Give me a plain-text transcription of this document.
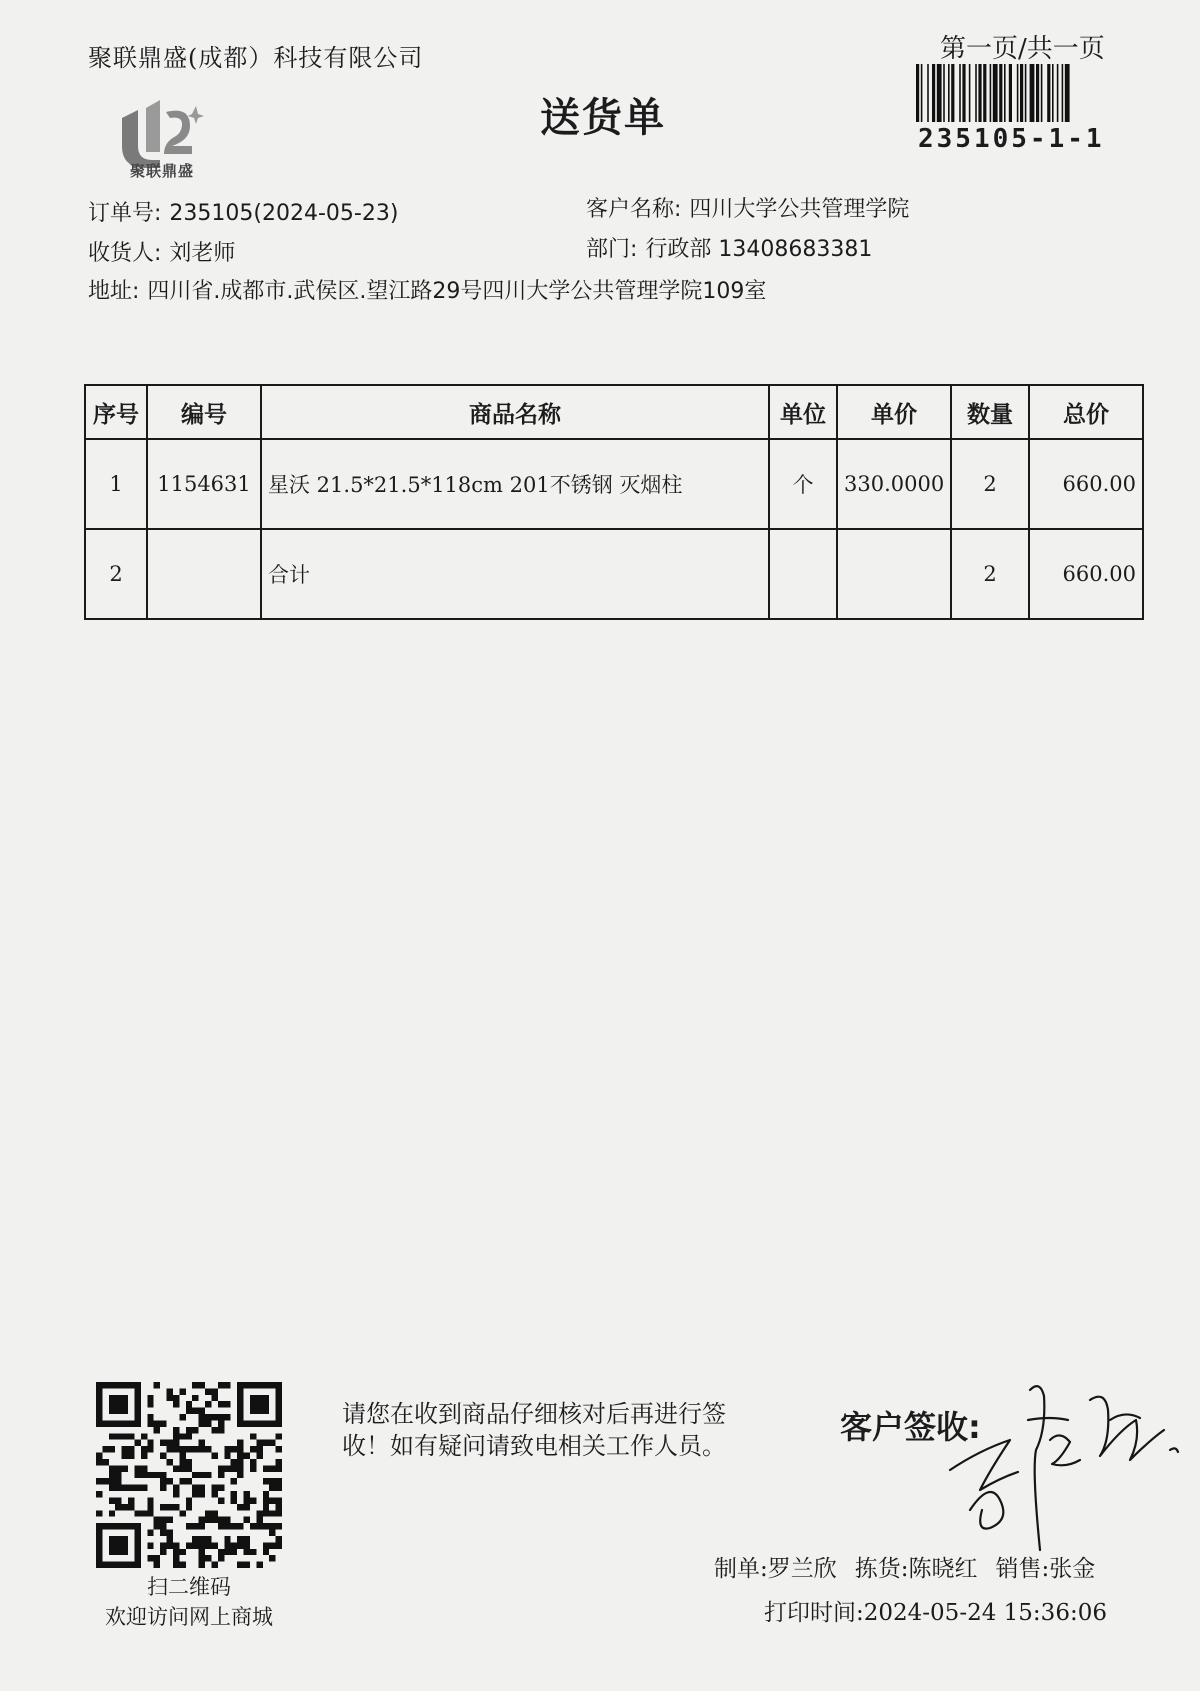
聚联鼎盛(成都）科技有限公司	第一页/共一页
235105-1-1
聚联鼎盛
送货单
订单号: 235105(2024-05-23)	客户名称: 四川大学公共管理学院
收货人: 刘老师	部门: 行政部 13408683381
地址: 四川省.成都市.武侯区.望江路29号四川大学公共管理学院109室
序号	编号	商品名称	单位	单价	数量	总价
1	1154631	星沃 21.5*21.5*118cm 201不锈钢 灭烟柱	个	330.0000	2	660.00
2		合计			2	660.00
扫二维码
欢迎访问网上商城
请您在收到商品仔细核对后再进行签收！如有疑问请致电相关工作人员。	客户签收:
制单:罗兰欣 拣货:陈晓红 销售:张金
打印时间:2024-05-24 15:36:06
